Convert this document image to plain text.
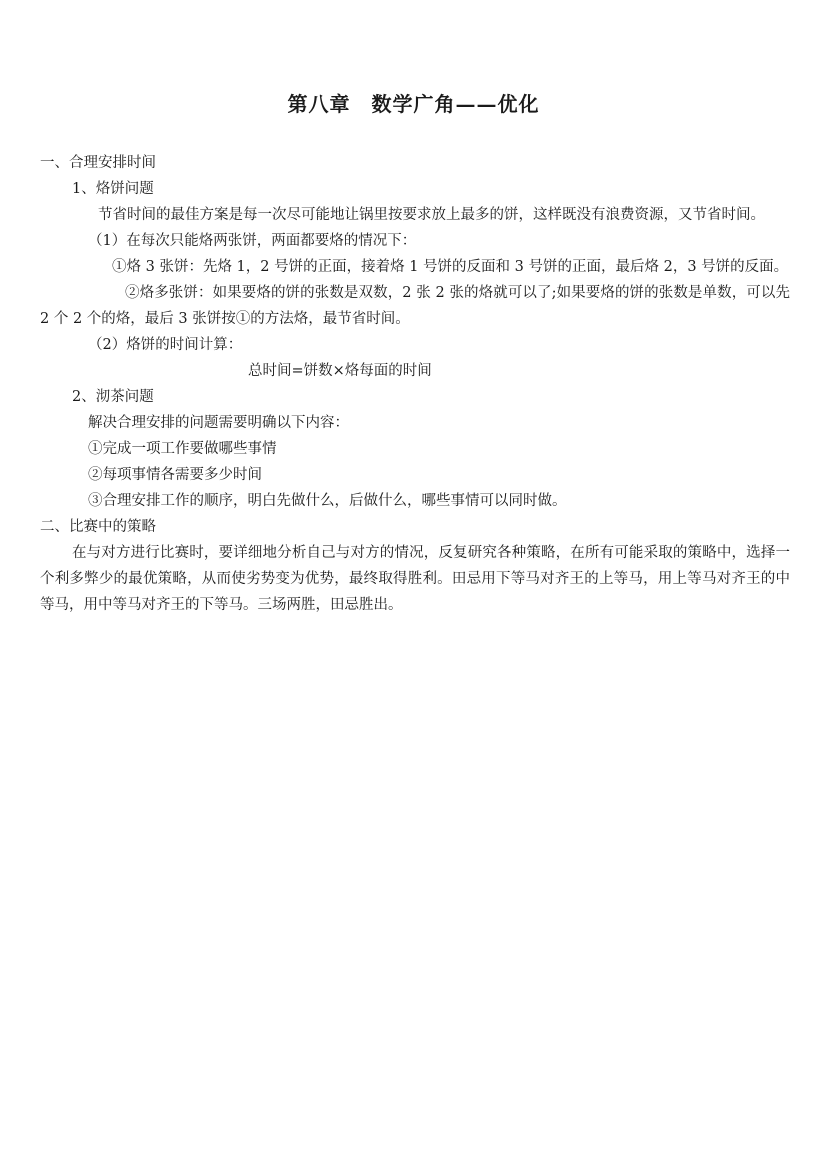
第八章　数学广角——优化

一、合理安排时间

1、烙饼问题

节省时间的最佳方案是每一次尽可能地让锅里按要求放上最多的饼，这样既没有浪费资源，又节省时间。

（1）在每次只能烙两张饼，两面都要烙的情况下：

①烙 3 张饼：先烙 1，2 号饼的正面，接着烙 1 号饼的反面和 3 号饼的正面，最后烙 2，3 号饼的反面。

②烙多张饼：如果要烙的饼的张数是双数，2 张 2 张的烙就可以了;如果要烙的饼的张数是单数，可以先 2 个 2 个的烙，最后 3 张饼按①的方法烙，最节省时间。

（2）烙饼的时间计算：

总时间=饼数×烙每面的时间

2、沏茶问题

解决合理安排的问题需要明确以下内容：

①完成一项工作要做哪些事情

②每项事情各需要多少时间

③合理安排工作的顺序，明白先做什么，后做什么，哪些事情可以同时做。

二、比赛中的策略

在与对方进行比赛时，要详细地分析自己与对方的情况，反复研究各种策略，在所有可能采取的策略中，选择一个利多弊少的最优策略，从而使劣势变为优势，最终取得胜利。田忌用下等马对齐王的上等马，用上等马对齐王的中等马，用中等马对齐王的下等马。三场两胜，田忌胜出。
